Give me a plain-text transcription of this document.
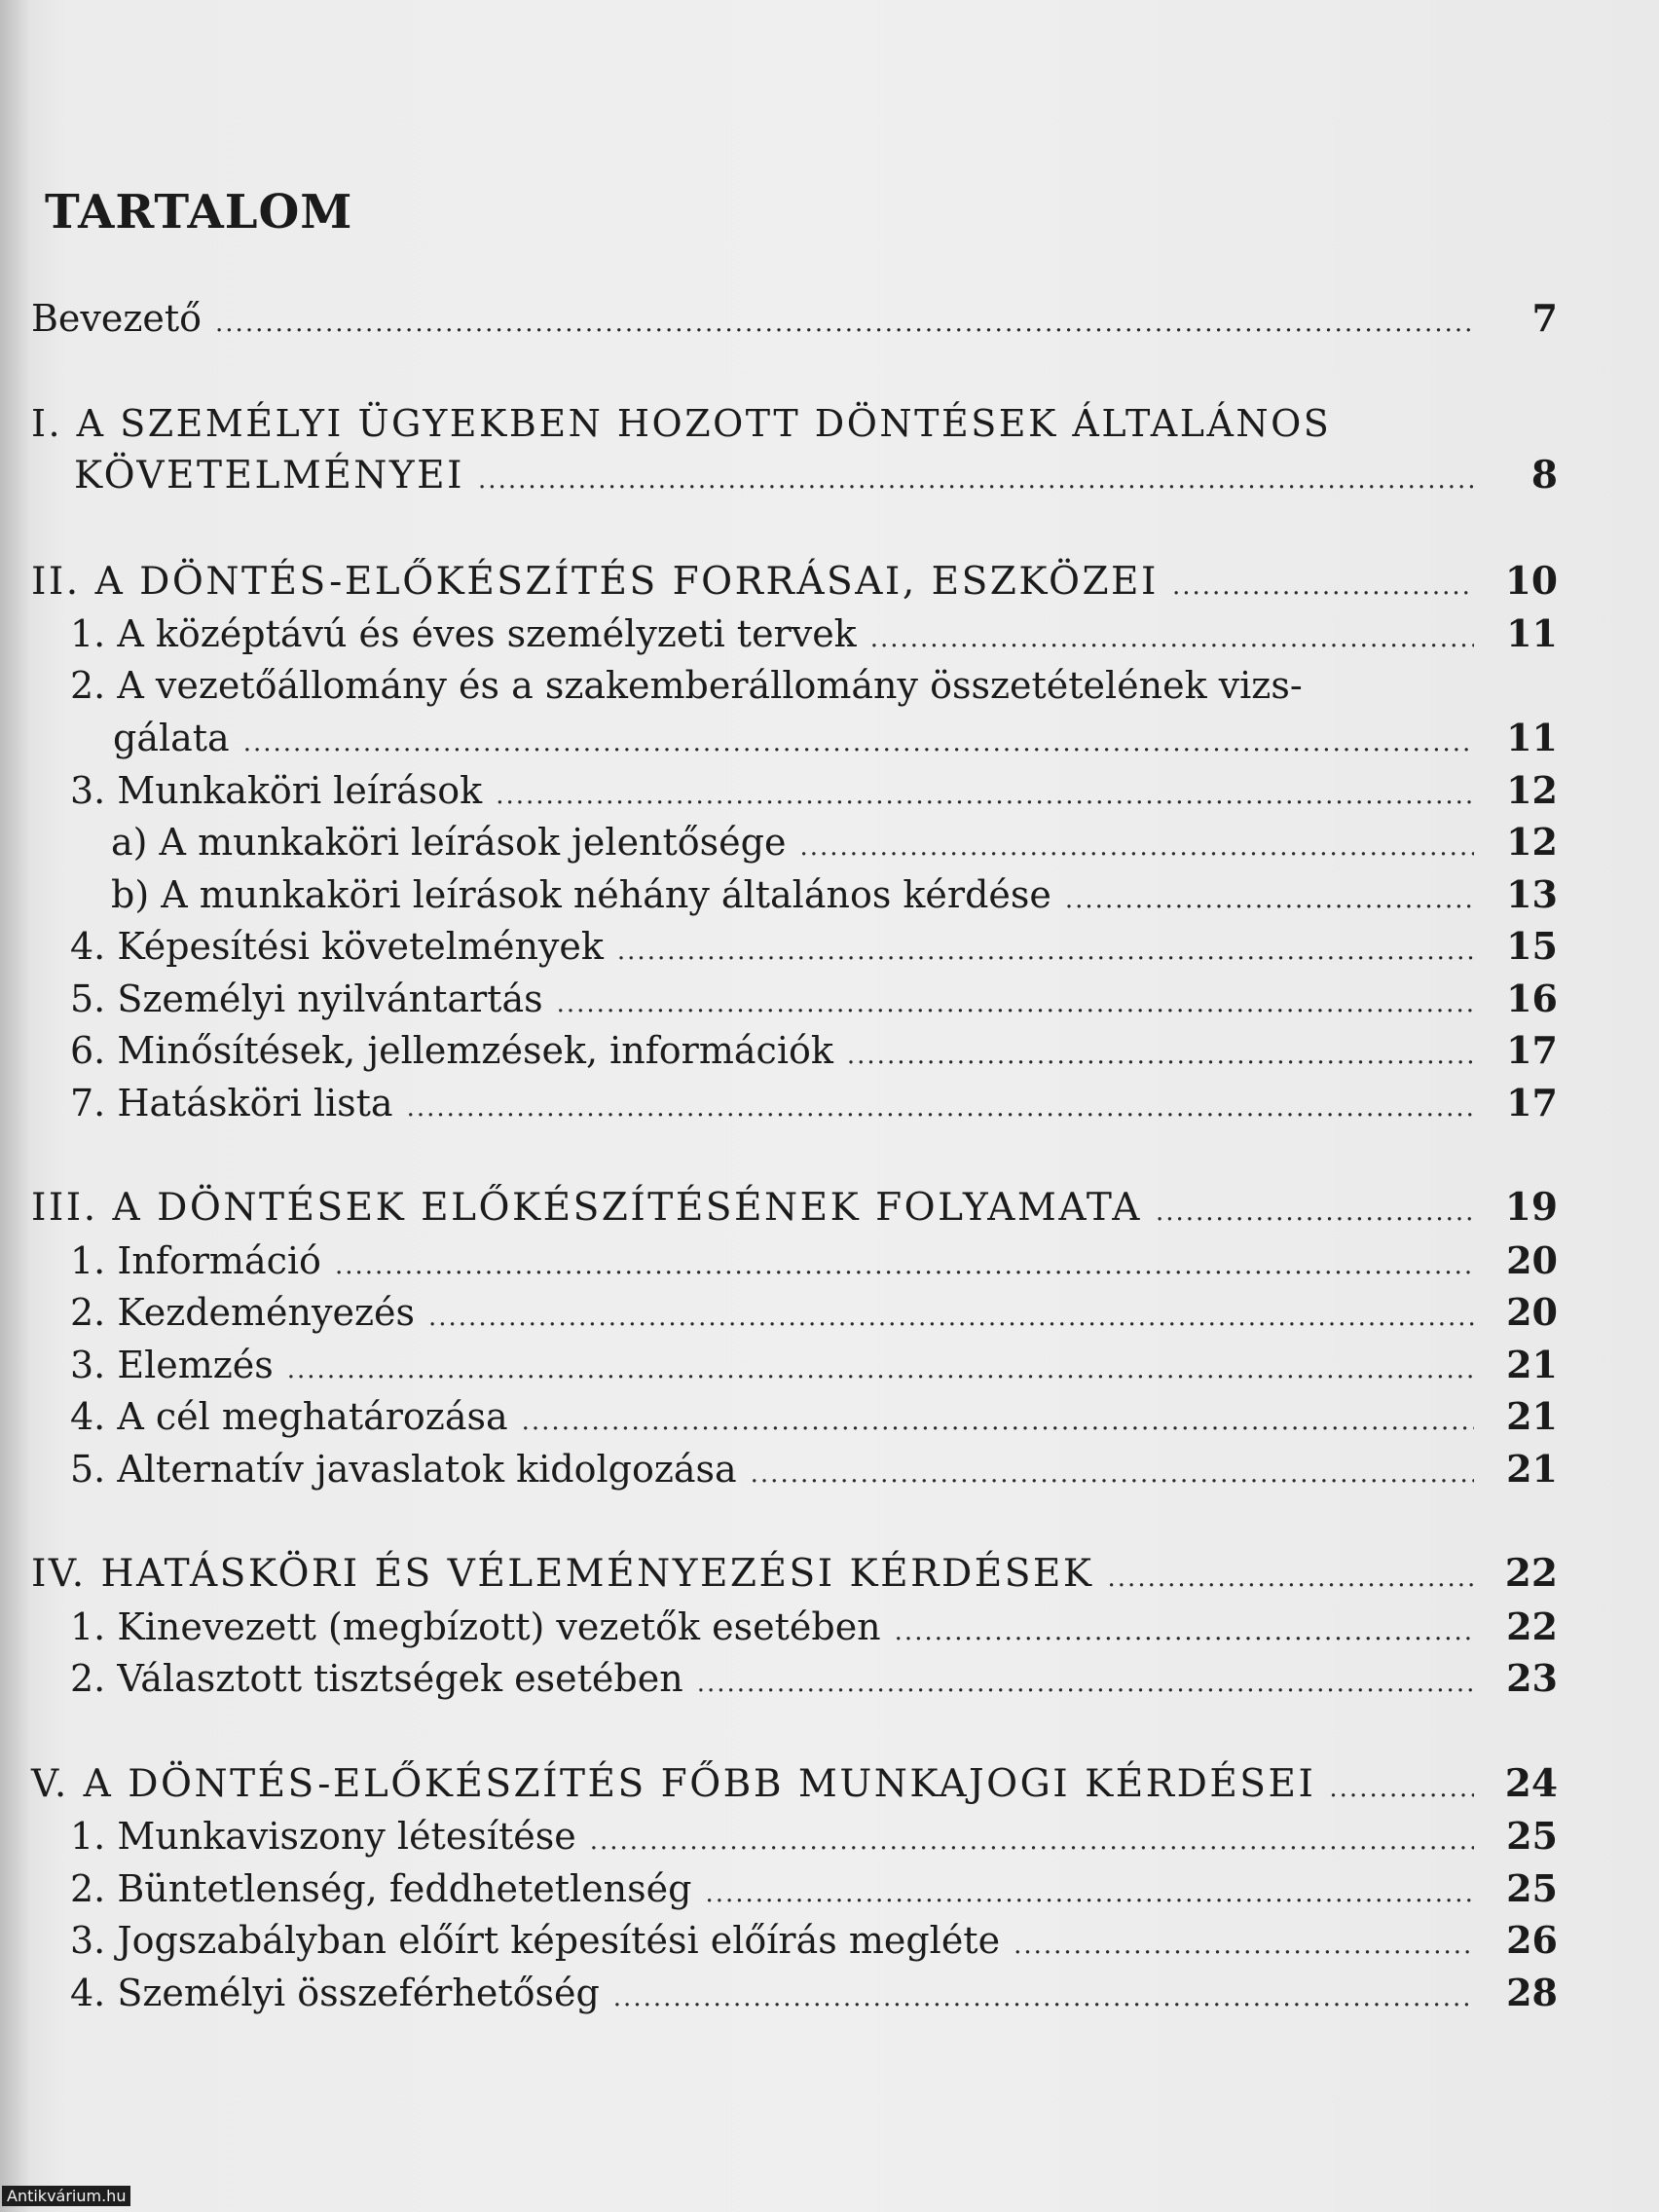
TARTALOM
Bevezető .....	7
I. A SZEMÉLYI ÜGYEKBEN HOZOTT DÖNTÉSEK ÁLTALÁNOS
KÖVETELMÉNYEI .....	8
II. A DÖNTÉS-ELŐKÉSZÍTÉS FORRÁSAI, ESZKÖZEI .....	10
1. A középtávú és éves személyzeti tervek .....	11
2. A vezetőállomány és a szakemberállomány összetételének vizs-
gálata .....	11
3. Munkaköri leírások .....	12
a) A munkaköri leírások jelentősége .....	12
b) A munkaköri leírások néhány általános kérdése .....	13
4. Képesítési követelmények .....	15
5. Személyi nyilvántartás .....	16
6. Minősítések, jellemzések, információk .....	17
7. Hatásköri lista .....	17
III. A DÖNTÉSEK ELŐKÉSZÍTÉSÉNEK FOLYAMATA .....	19
1. Információ .....	20
2. Kezdeményezés .....	20
3. Elemzés .....	21
4. A cél meghatározása .....	21
5. Alternatív javaslatok kidolgozása .....	21
IV. HATÁSKÖRI ÉS VÉLEMÉNYEZÉSI KÉRDÉSEK .....	22
1. Kinevezett (megbízott) vezetők esetében .....	22
2. Választott tisztségek esetében .....	23
V. A DÖNTÉS-ELŐKÉSZÍTÉS FŐBB MUNKAJOGI KÉRDÉSEI .....	24
1. Munkaviszony létesítése .....	25
2. Büntetlenség, feddhetetlenség .....	25
3. Jogszabályban előírt képesítési előírás megléte .....	26
4. Személyi összeférhetőség .....	28
Antikvárium.hu
